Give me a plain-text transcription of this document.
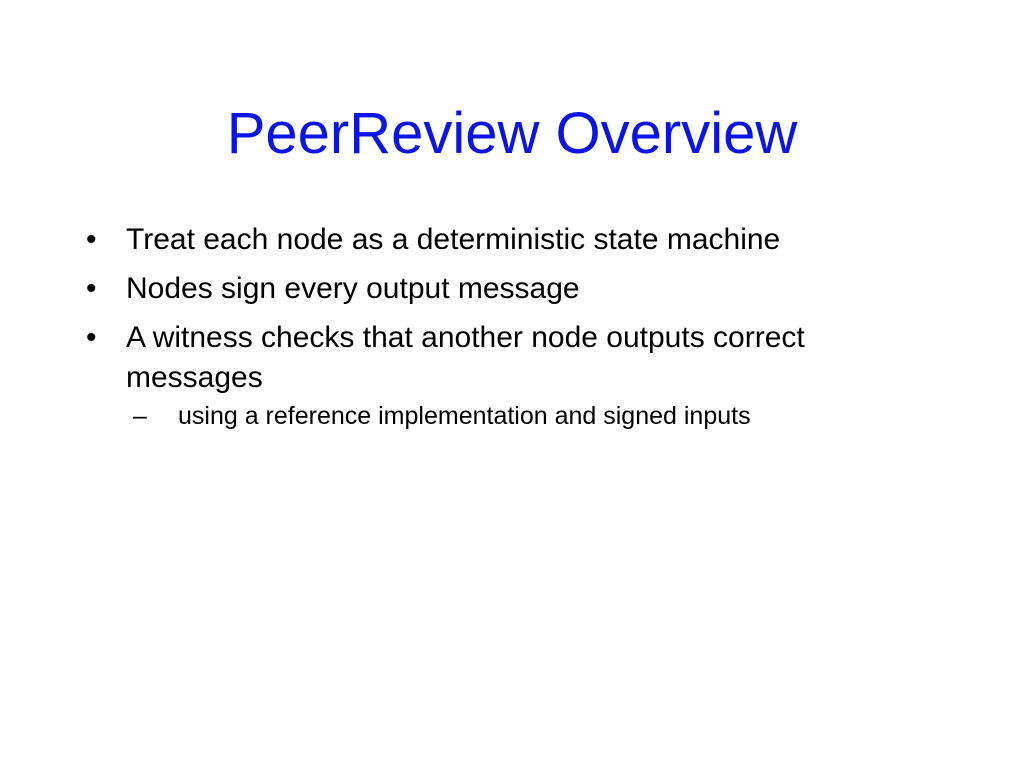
PeerReview Overview
• Treat each node as a deterministic state machine
• Nodes sign every output message
• A witness checks that another node outputs correct messages
– using a reference implementation and signed inputs
